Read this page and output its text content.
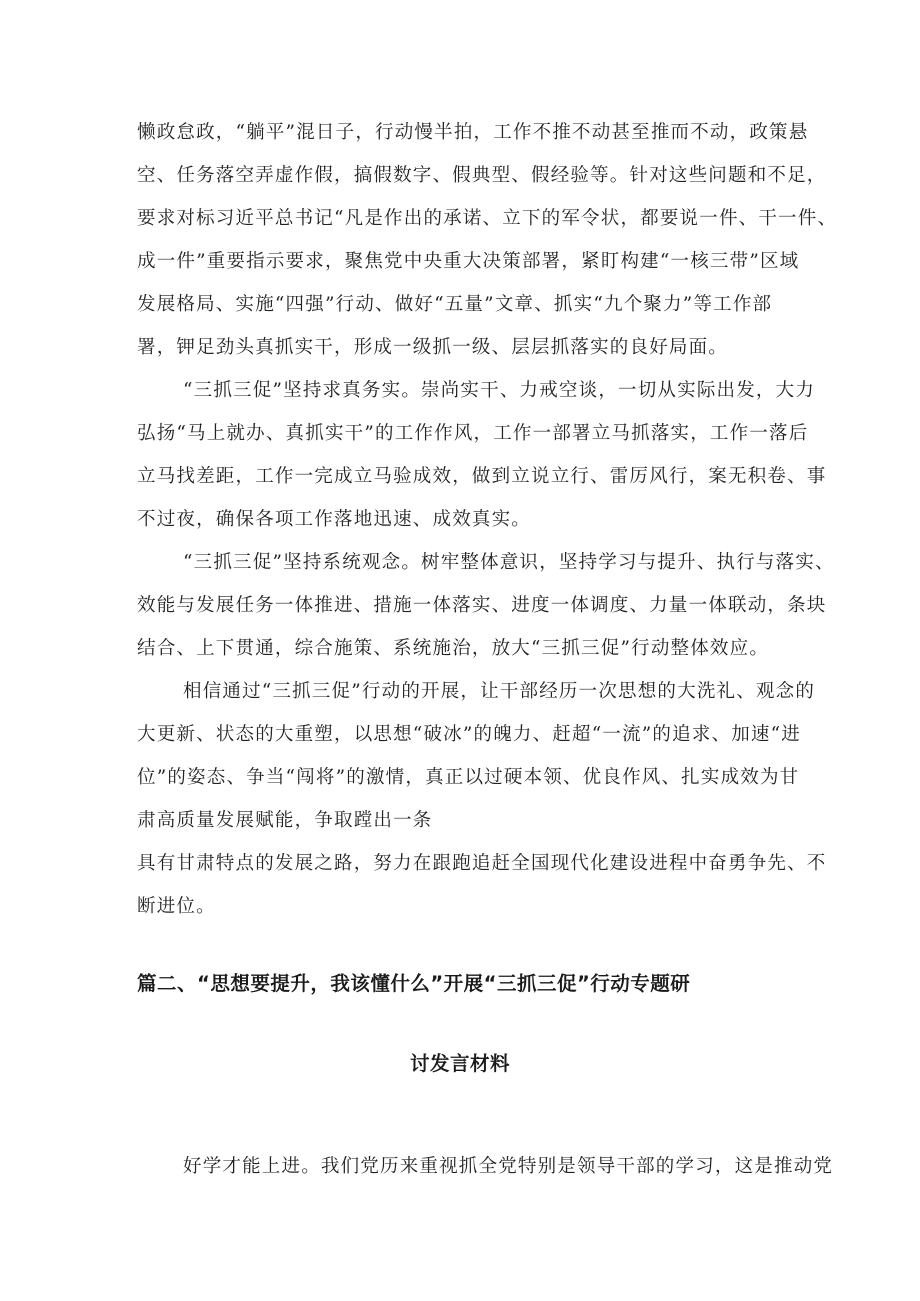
懒政怠政，“躺平”混日子，行动慢半拍，工作不推不动甚至推而不动，政策悬
空、任务落空弄虚作假，搞假数字、假典型、假经验等。针对这些问题和不足，
要求对标习近平总书记“凡是作出的承诺、立下的军令状，都要说一件、干一件、
成一件”重要指示要求，聚焦党中央重大决策部署，紧盯构建“一核三带”区域
发展格局、实施“四强”行动、做好“五量”文章、抓实“九个聚力”等工作部
署，钾足劲头真抓实干，形成一级抓一级、层层抓落实的良好局面。
“三抓三促”坚持求真务实。崇尚实干、力戒空谈，一切从实际出发，大力
弘扬“马上就办、真抓实干”的工作作风，工作一部署立马抓落实，工作一落后
立马找差距，工作一完成立马验成效，做到立说立行、雷厉风行，案无积卷、事
不过夜，确保各项工作落地迅速、成效真实。
“三抓三促”坚持系统观念。树牢整体意识，坚持学习与提升、执行与落实、
效能与发展任务一体推进、措施一体落实、进度一体调度、力量一体联动，条块
结合、上下贯通，综合施策、系统施治，放大“三抓三促”行动整体效应。
相信通过“三抓三促”行动的开展，让干部经历一次思想的大洗礼、观念的
大更新、状态的大重塑，以思想“破冰”的魄力、赶超“一流”的追求、加速“进
位”的姿态、争当“闯将”的激情，真正以过硬本领、优良作风、扎实成效为甘
肃高质量发展赋能，争取蹚出一条
具有甘肃特点的发展之路，努力在跟跑追赶全国现代化建设进程中奋勇争先、不
断进位。
篇二、“思想要提升，我该懂什么”开展“三抓三促”行动专题研
讨发言材料
好学才能上进。我们党历来重视抓全党特别是领导干部的学习，这是推动党
